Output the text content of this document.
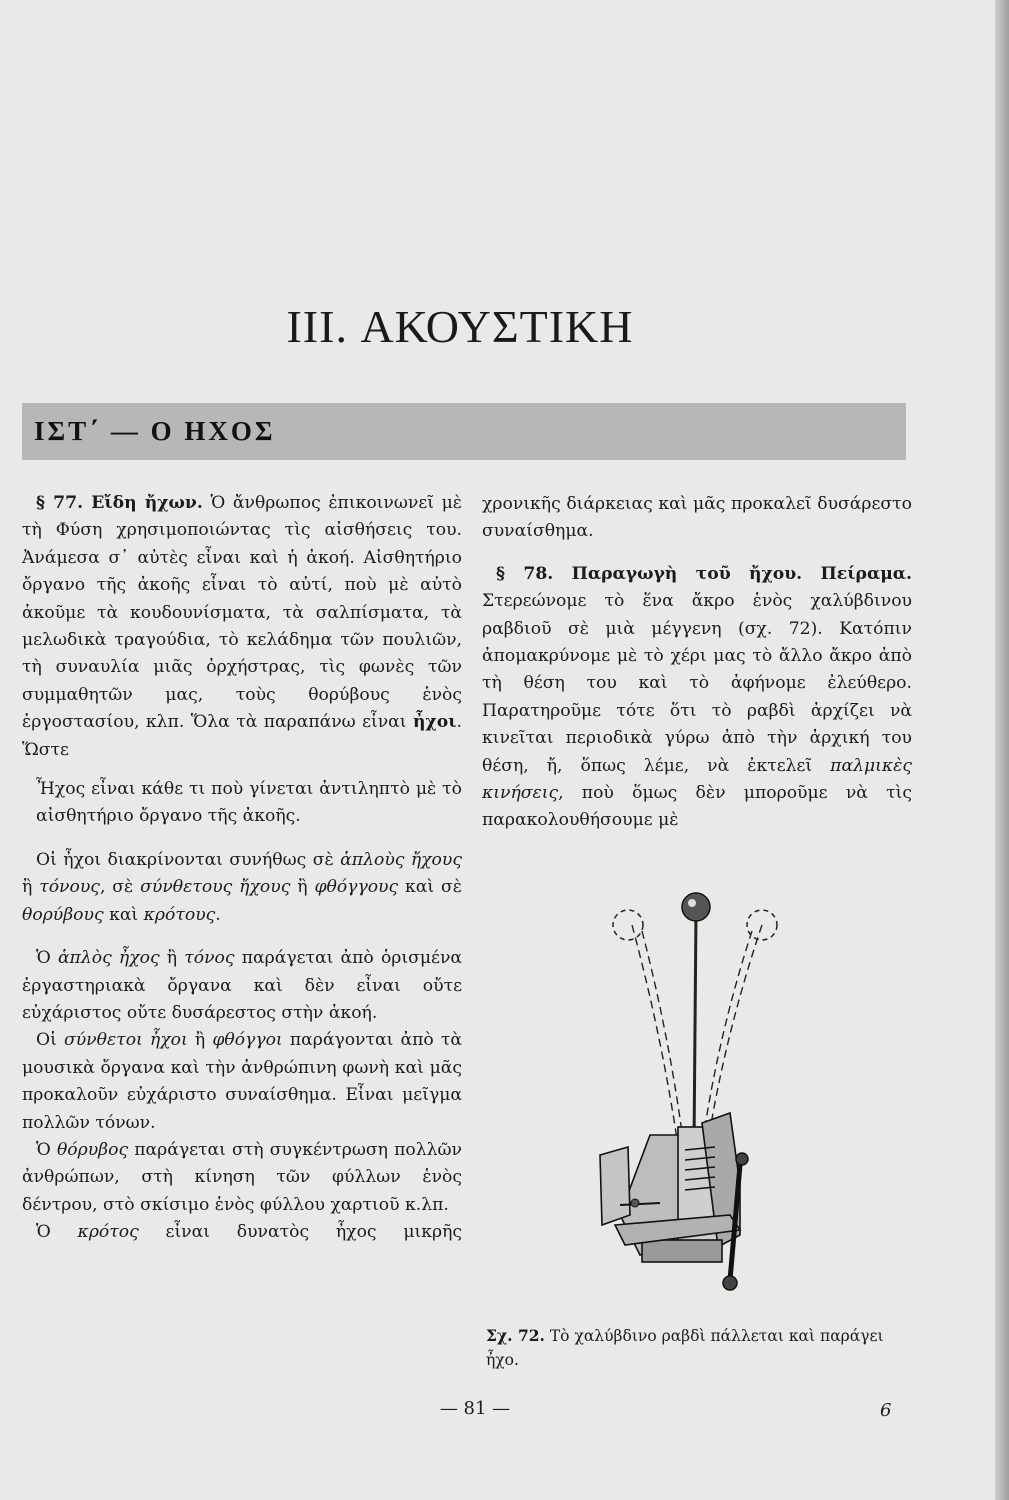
III. ΑΚΟΥΣΤΙΚΗ
ΙΣΤ΄ — Ο ΗΧΟΣ

§ 77. Εἴδη ἤχων. Ὁ ἄνθρωπος ἐπικοινωνεῖ μὲ τὴ Φύση χρησιμοποιώντας τὶς αἰσθήσεις του. Ἀνάμεσα σ᾽ αὐτὲς εἶναι καὶ ἡ ἀκοή. Αἰσθητήριο ὄργανο τῆς ἀκοῆς εἶναι τὸ αὐτί, ποὺ μὲ αὐτὸ ἀκοῦμε τὰ κουδουνίσματα, τὰ σαλπίσματα, τὰ μελωδικὰ τραγούδια, τὸ κελάδημα τῶν πουλιῶν, τὴ συναυλία μιᾶς ὀρχήστρας, τὶς φωνὲς τῶν συμμαθητῶν μας, τοὺς θορύβους ἑνὸς ἐργοστασίου, κλπ. Ὅλα τὰ παραπάνω εἶναι ἦχοι. Ὥστε

Ἦχος εἶναι κάθε τι ποὺ γίνεται ἀντιληπτὸ μὲ τὸ αἰσθητήριο ὄργανο τῆς ἀκοῆς.

Οἱ ἦχοι διακρίνονται συνήθως σὲ ἁπλοὺς ἤχους ἢ τόνους, σὲ σύνθετους ἤχους ἢ φθόγγους καὶ σὲ θορύβους καὶ κρότους.

Ὁ ἁπλὸς ἦχος ἢ τόνος παράγεται ἀπὸ ὁρισμένα ἐργαστηριακὰ ὄργανα καὶ δὲν εἶναι οὔτε εὐχάριστος οὔτε δυσάρεστος στὴν ἀκοή.

Οἱ σύνθετοι ἦχοι ἢ φθόγγοι παράγονται ἀπὸ τὰ μουσικὰ ὄργανα καὶ τὴν ἀνθρώπινη φωνὴ καὶ μᾶς προκαλοῦν εὐχάριστο συναίσθημα. Εἶναι μεῖγμα πολλῶν τόνων.

Ὁ θόρυβος παράγεται στὴ συγκέντρωση πολλῶν ἀνθρώπων, στὴ κίνηση τῶν φύλλων ἑνὸς δέντρου, στὸ σκίσιμο ἑνὸς φύλλου χαρτιοῦ κ.λπ.

Ὁ κρότος εἶναι δυνατὸς ἦχος μικρῆς

χρονικῆς διάρκειας καὶ μᾶς προκαλεῖ δυσάρεστο συναίσθημα.

§ 78. Παραγωγὴ τοῦ ἤχου. Πείραμα. Στερεώνομε τὸ ἕνα ἄκρο ἑνὸς χαλύβδινου ραβδιοῦ σὲ μιὰ μέγγενη (σχ. 72). Κατόπιν ἀπομακρύνομε μὲ τὸ χέρι μας τὸ ἄλλο ἄκρο ἀπὸ τὴ θέση του καὶ τὸ ἀφήνομε ἐλεύθερο. Παρατηροῦμε τότε ὅτι τὸ ραβδὶ ἀρχίζει νὰ κινεῖται περιοδικὰ γύρω ἀπὸ τὴν ἀρχική του θέση, ἤ, ὅπως λέμε, νὰ ἐκτελεῖ παλμικὲς κινήσεις, ποὺ ὅμως δὲν μποροῦμε νὰ τὶς παρακολουθήσουμε μὲ

Σχ. 72. Τὸ χαλύβδινο ραβδὶ πάλλεται καὶ παράγει ἦχο.
— 81 —	6
